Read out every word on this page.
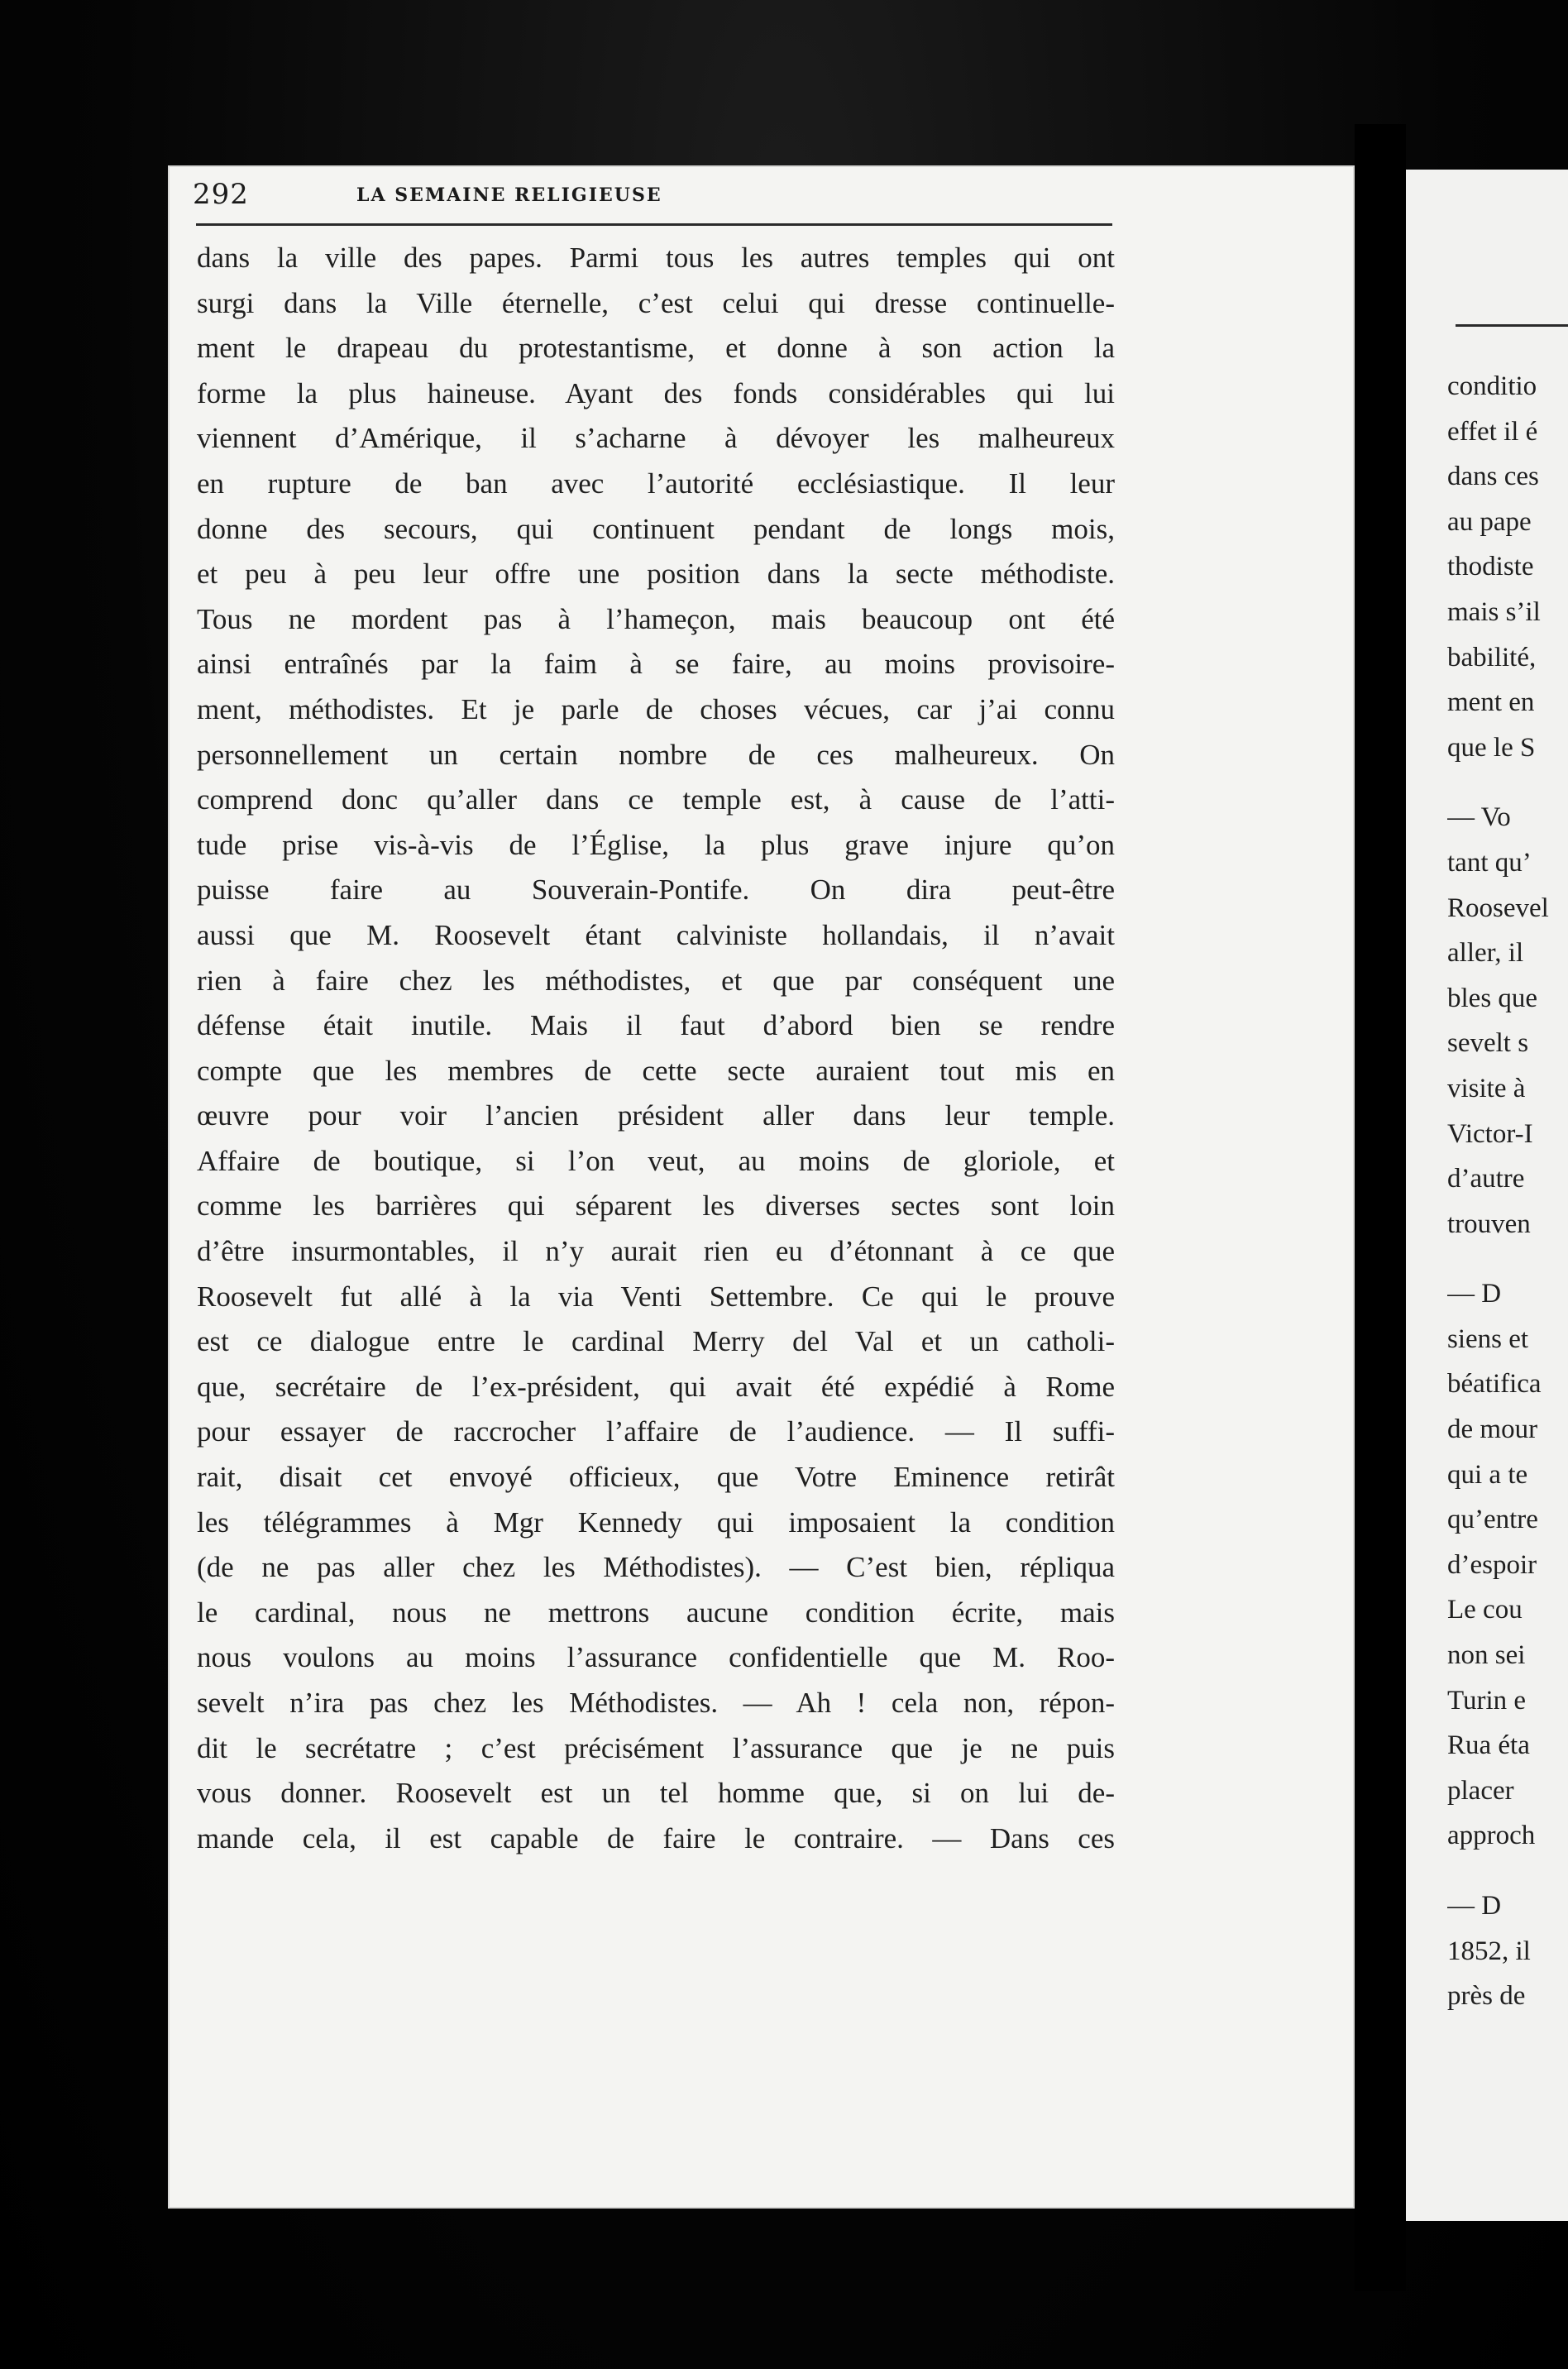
292	LA SEMAINE RELIGIEUSE
dans la ville des papes. Parmi tous les autres temples qui ont
surgi dans la Ville éternelle, c’est celui qui dresse continuelle-
ment le drapeau du protestantisme, et donne à son action la
forme la plus haineuse. Ayant des fonds considérables qui lui
viennent d’Amérique, il s’acharne à dévoyer les malheureux
en rupture de ban avec l’autorité ecclésiastique. Il leur
donne des secours, qui continuent pendant de longs mois,
et peu à peu leur offre une position dans la secte méthodiste.
Tous ne mordent pas à l’hameçon, mais beaucoup ont été
ainsi entraînés par la faim à se faire, au moins provisoire-
ment, méthodistes. Et je parle de choses vécues, car j’ai connu
personnellement un certain nombre de ces malheureux. On
comprend donc qu’aller dans ce temple est, à cause de l’atti-
tude prise vis-à-vis de l’Église, la plus grave injure qu’on
puisse faire au Souverain-Pontife. On dira peut-être
aussi que M. Roosevelt étant calviniste hollandais, il n’avait
rien à faire chez les méthodistes, et que par conséquent une
défense était inutile. Mais il faut d’abord bien se rendre
compte que les membres de cette secte auraient tout mis en
œuvre pour voir l’ancien président aller dans leur temple.
Affaire de boutique, si l’on veut, au moins de gloriole, et
comme les barrières qui séparent les diverses sectes sont loin
d’être insurmontables, il n’y aurait rien eu d’étonnant à ce que
Roosevelt fut allé à la via Venti Settembre. Ce qui le prouve
est ce dialogue entre le cardinal Merry del Val et un catholi-
que, secrétaire de l’ex-président, qui avait été expédié à Rome
pour essayer de raccrocher l’affaire de l’audience. — Il suffi-
rait, disait cet envoyé officieux, que Votre Eminence retirât
les télégrammes à Mgr Kennedy qui imposaient la condition
(de ne pas aller chez les Méthodistes). — C’est bien, répliqua
le cardinal, nous ne mettrons aucune condition écrite, mais
nous voulons au moins l’assurance confidentielle que M. Roo-
sevelt n’ira pas chez les Méthodistes. — Ah ! cela non, répon-
dit le secrétatre ; c’est précisément l’assurance que je ne puis
vous donner. Roosevelt est un tel homme que, si on lui de-
mande cela, il est capable de faire le contraire. — Dans ces
conditio
effet il é
dans ces
au pape
thodiste
mais s’il
babilité,
ment en
que le S
— Vo
tant qu’
Roosevel
aller, il
bles que
sevelt s
visite à
Victor-I
d’autre
trouven
— D
siens et
béatifica
de mour
qui a te
qu’entre
d’espoir
Le cou
non sei
Turin e
Rua éta
placer
approch
— D
1852, il
près de
